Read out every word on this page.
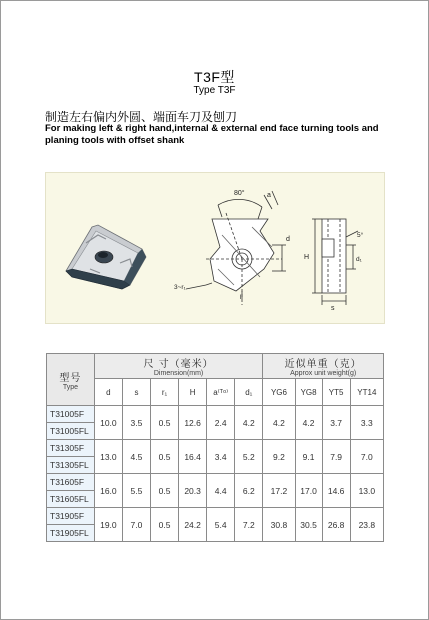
T3F型
Type T3F
制造左右偏内外圆、端面车刀及刨刀
For making left & right hand,internal & external end face turning tools and planing tools with offset shank
80°	a
d
3~r₁
l
H
5°
d₁
s
型号
Type	尺 寸（毫米）
Dimension(mm)						近似单重（克）
Approx unit weight(g)			

	d	s	r₁	H	a⁽ᵀᵒ⁾	d₁	YG6	YG8	YT5	YT14
T31005F	10.0	3.5	0.5	12.6	2.4	4.2	4.2	4.2	3.7	3.3
T31005FL										
T31305F	13.0	4.5	0.5	16.4	3.4	5.2	9.2	9.1	7.9	7.0
T31305FL										
T31605F	16.0	5.5	0.5	20.3	4.4	6.2	17.2	17.0	14.6	13.0
T31605FL										
T31905F	19.0	7.0	0.5	24.2	5.4	7.2	30.8	30.5	26.8	23.8
T31905FL										
